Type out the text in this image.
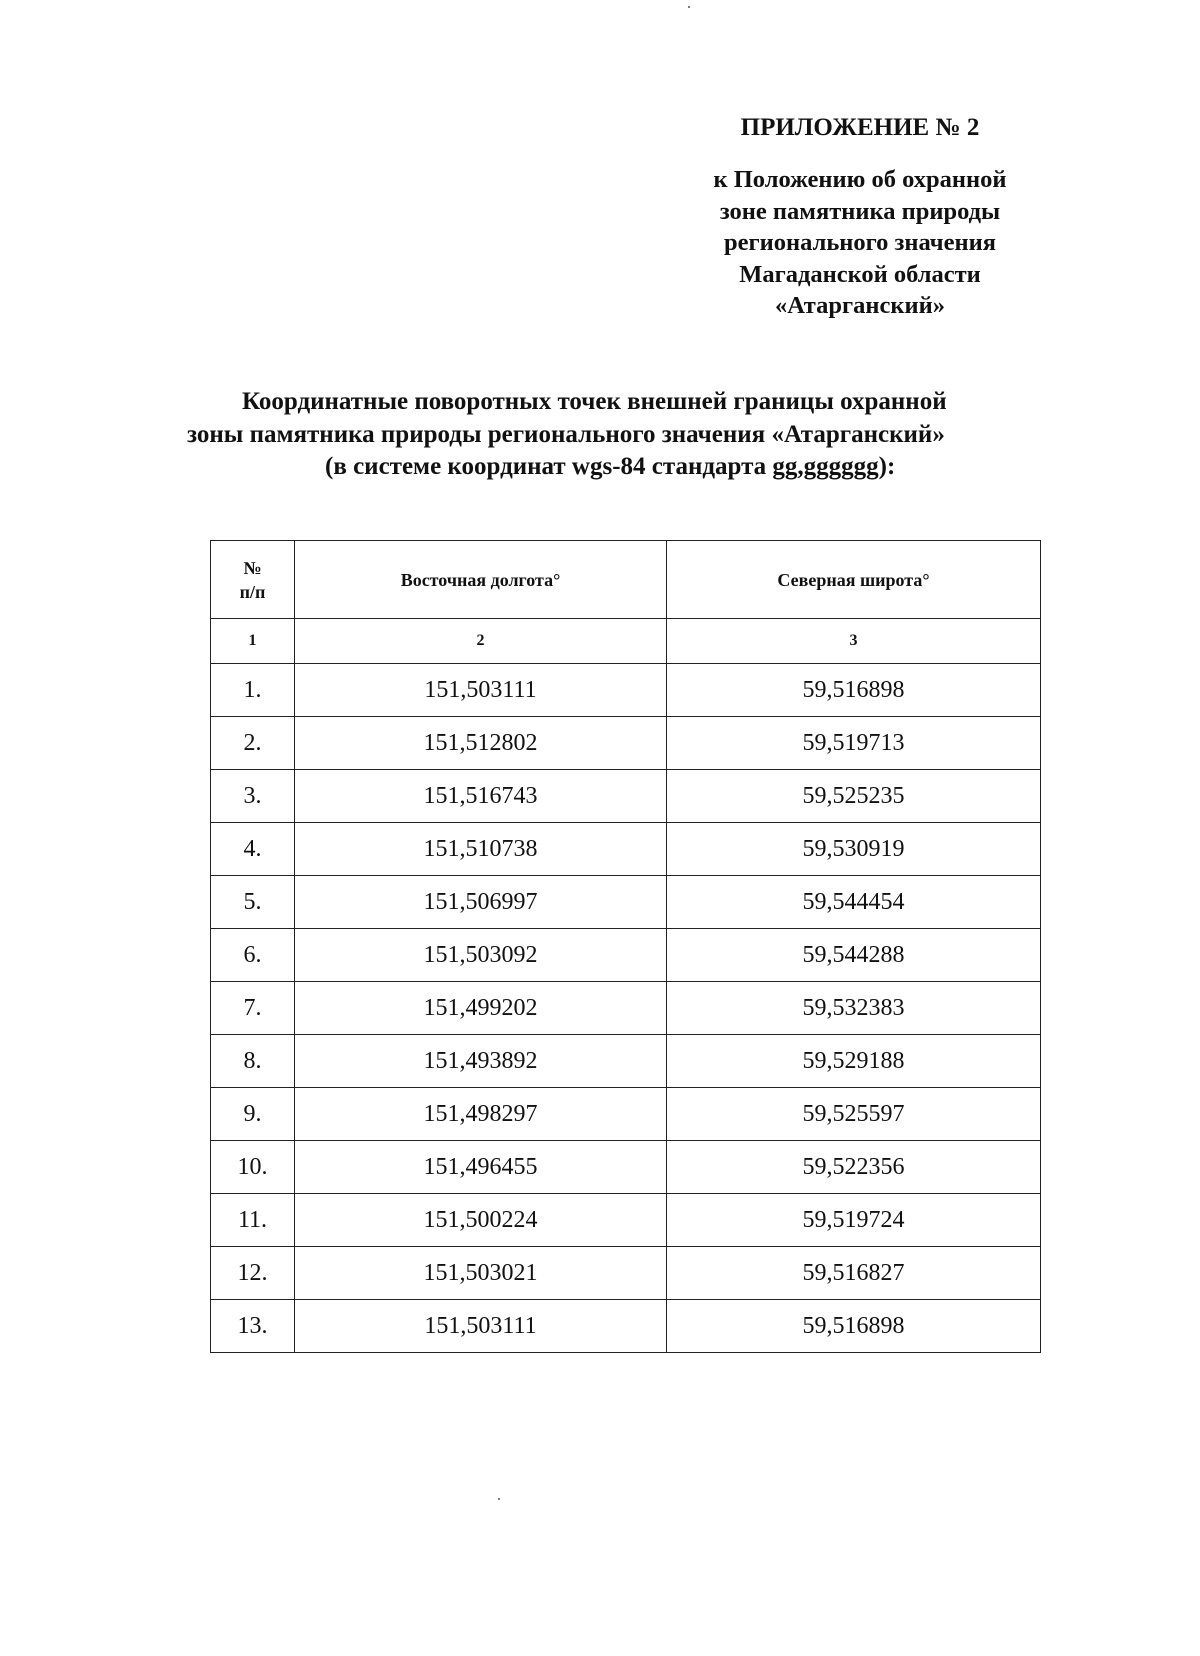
ПРИЛОЖЕНИЕ № 2
к Положению об охранной
зоне памятника природы
регионального значения
Магаданской области
«Атарганский»
Координатные поворотных точек внешней границы охранной
зоны памятника природы регионального значения «Атарганский»
(в системе координат wgs-84 стандарта gg,gggggg):
№
п/п	Восточная долгота°	Северная широта°
1	2	3
1.	151,503111	59,516898
2.	151,512802	59,519713
3.	151,516743	59,525235
4.	151,510738	59,530919
5.	151,506997	59,544454
6.	151,503092	59,544288
7.	151,499202	59,532383
8.	151,493892	59,529188
9.	151,498297	59,525597
10.	151,496455	59,522356
11.	151,500224	59,519724
12.	151,503021	59,516827
13.	151,503111	59,516898
